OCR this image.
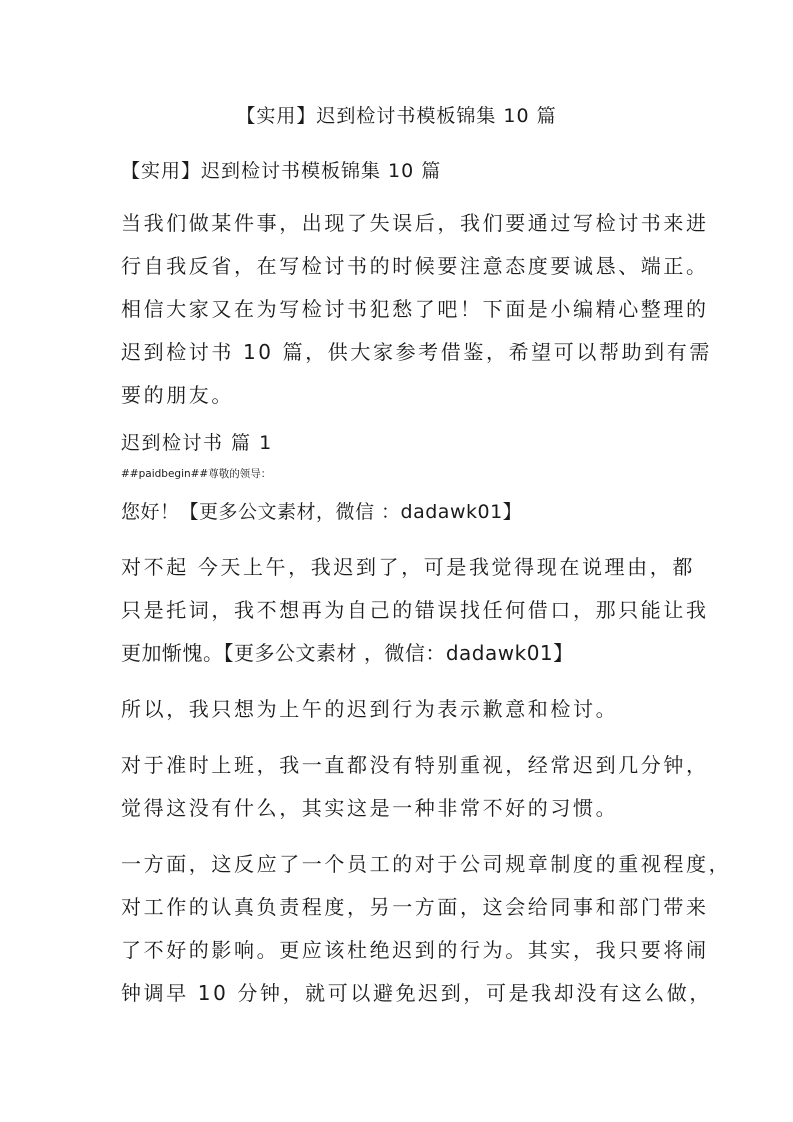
【实用】迟到检讨书模板锦集 10 篇
【实用】迟到检讨书模板锦集 10 篇
当我们做某件事，出现了失误后，我们要通过写检讨书来进
行自我反省，在写检讨书的时候要注意态度要诚恳、端正。
相信大家又在为写检讨书犯愁了吧！下面是小编精心整理的
迟到检讨书 10 篇，供大家参考借鉴，希望可以帮助到有需
要的朋友。
迟到检讨书 篇 1
##paidbegin##尊敬的领导：
您好！【更多公文素材，微信 ：dadawk01】
对不起 今天上午，我迟到了，可是我觉得现在说理由，都
只是托词，我不想再为自己的错误找任何借口，那只能让我
更加惭愧。【更多公文素材 ，微信：dadawk01】
所以，我只想为上午的迟到行为表示歉意和检讨。
对于准时上班，我一直都没有特别重视，经常迟到几分钟，
觉得这没有什么，其实这是一种非常不好的习惯。
一方面，这反应了一个员工的对于公司规章制度的重视程度，
对工作的认真负责程度，另一方面，这会给同事和部门带来
了不好的影响。更应该杜绝迟到的行为。其实，我只要将闹
钟调早 10 分钟，就可以避免迟到，可是我却没有这么做，
